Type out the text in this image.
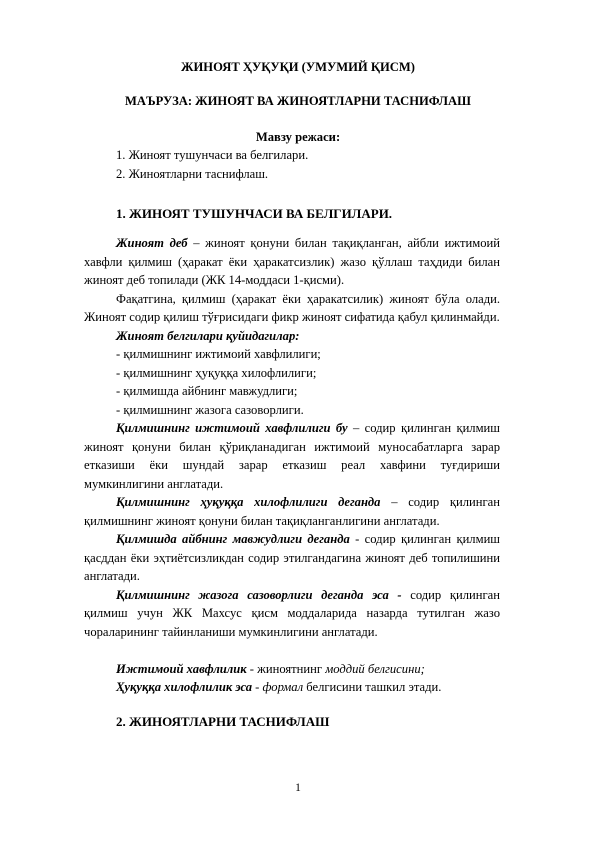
ЖИНОЯТ ҲУҚУҚИ (УМУМИЙ ҚИСМ)

МАЪРУЗА: ЖИНОЯТ ВА ЖИНОЯТЛАРНИ ТАСНИФЛАШ

Мавзу режаси:

1. Жиноят тушунчаси ва белгилари.

2. Жиноятларни таснифлаш.

1. ЖИНОЯТ ТУШУНЧАСИ ВА БЕЛГИЛАРИ.

Жиноят деб – жиноят қонуни билан тақиқланган, айбли ижтимоий хавфли қилмиш (ҳаракат ёки ҳаракатсизлик) жазо қўллаш таҳдиди билан жиноят деб топилади (ЖК 14-моддаси 1-қисми).

Фақатгина, қилмиш (ҳаракат ёки ҳаракатсилик) жиноят бўла олади. Жиноят содир қилиш тўғрисидаги фикр жиноят сифатида қабул қилинмайди.

Жиноят белгилари қуйидагилар:

- қилмишнинг ижтимоий хавфлилиги;

- қилмишнинг ҳуқуққа хилофлилиги;

- қилмишда айбнинг мавжудлиги;

- қилмишнинг жазога сазоворлиги.

Қилмишнинг ижтимоий хавфлилиги бу – содир қилинган қилмиш жиноят қонуни билан қўриқланадиган ижтимоий муносабатларга зарар етказиши ёки шундай зарар етказиш реал хавфини туғдириши мумкинлигини англатади.

Қилмишнинг ҳуқуққа хилофлилиги деганда – содир қилинган қилмишнинг жиноят қонуни билан тақиқланганлигини англатади.

Қилмишда айбнинг мавжудлиги деганда - содир қилинган қилмиш қасддан ёки эҳтиётсизликдан содир этилгандагина жиноят деб топилишини англатади.

Қилмишнинг жазога сазоворлиги деганда эса - содир қилинган қилмиш учун ЖК Махсус қисм моддаларида назарда тутилган жазо чораларининг тайинланиши мумкинлигини англатади.

Ижтимоий хавфлилик - жиноятнинг моддий белгисини;

Ҳуқуққа хилофлилик эса - формал белгисини ташкил этади.

2. ЖИНОЯТЛАРНИ ТАСНИФЛАШ

1
